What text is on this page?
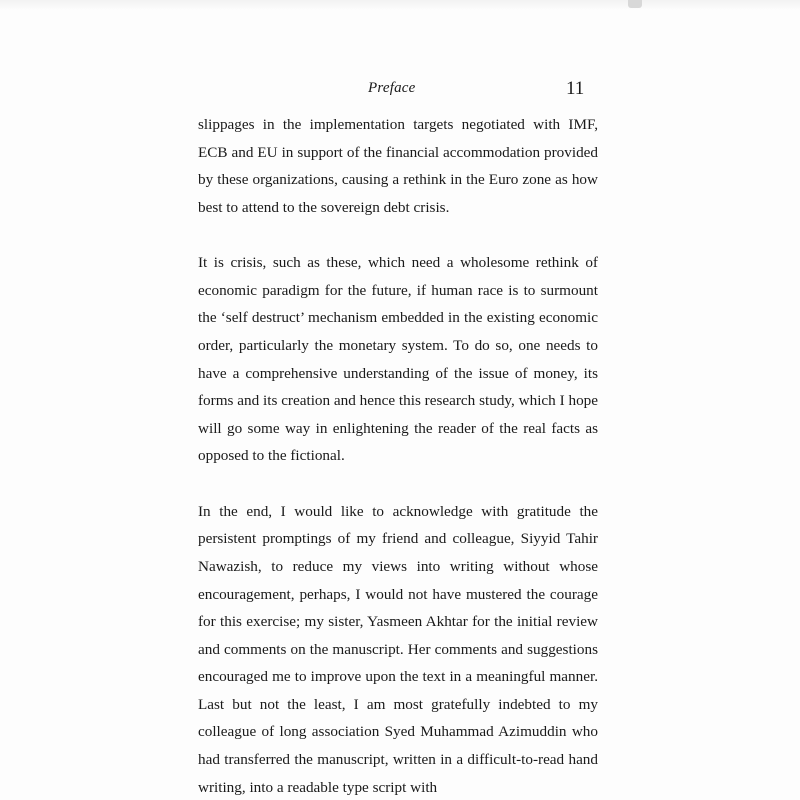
Preface	11

slippages in the implementation targets negotiated with IMF, ECB and EU in support of the financial accommodation provided by these organizations, causing a rethink in the Euro zone as how best to attend to the sovereign debt crisis.

It is crisis, such as these, which need a wholesome rethink of economic paradigm for the future, if human race is to surmount the ‘self destruct’ mechanism embedded in the existing economic order, particularly the monetary system. To do so, one needs to have a comprehensive understanding of the issue of money, its forms and its creation and hence this research study, which I hope will go some way in enlightening the reader of the real facts as opposed to the fictional.

In the end, I would like to acknowledge with gratitude the persistent promptings of my friend and colleague, Siyyid Tahir Nawazish, to reduce my views into writing without whose encouragement, perhaps, I would not have mustered the courage for this exercise; my sister, Yasmeen Akhtar for the initial review and comments on the manuscript. Her comments and suggestions encouraged me to improve upon the text in a meaningful manner. Last but not the least, I am most gratefully indebted to my colleague of long association Syed Muhammad Azimuddin who had transferred the manuscript, written in a difficult-to-read hand writing, into a readable type script with
